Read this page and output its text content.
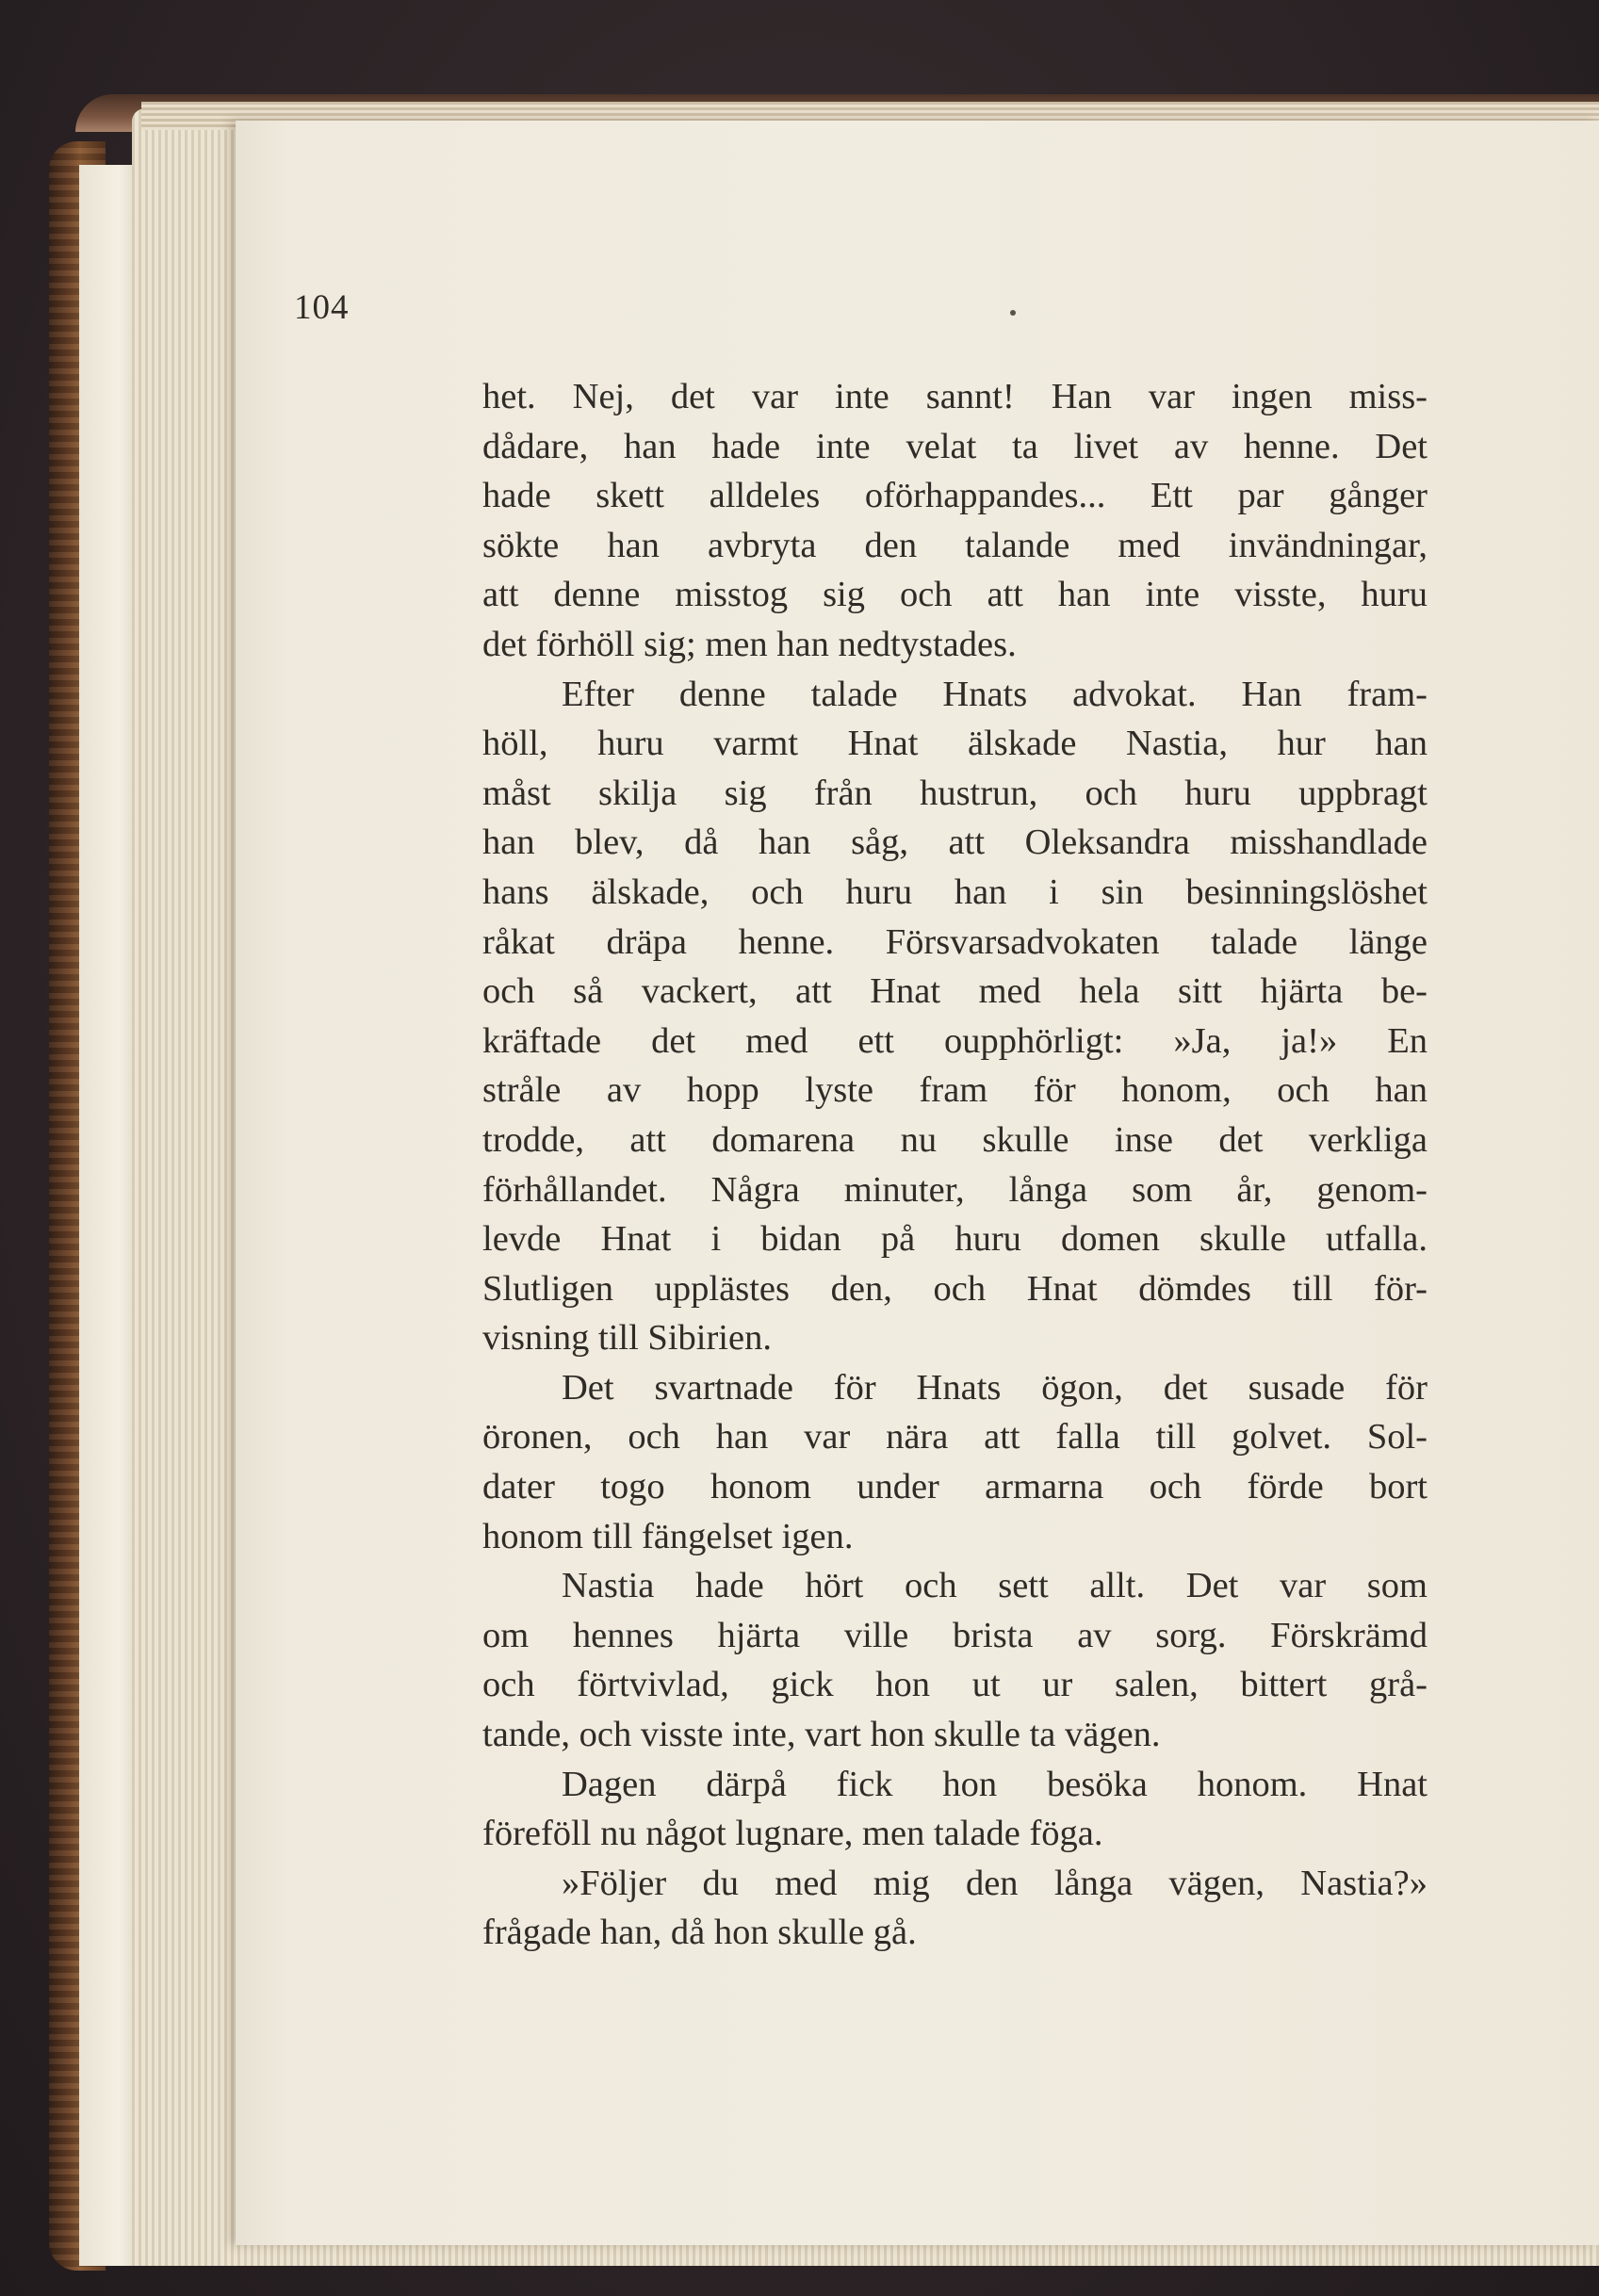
104
het. Nej, det var inte sannt! Han var ingen miss-
dådare, han hade inte velat ta livet av henne. Det
hade skett alldeles oförhappandes... Ett par gånger
sökte han avbryta den talande med invändningar,
att denne misstog sig och att han inte visste, huru
det förhöll sig; men han nedtystades.
Efter denne talade Hnats advokat. Han fram-
höll, huru varmt Hnat älskade Nastia, hur han
måst skilja sig från hustrun, och huru uppbragt
han blev, då han såg, att Oleksandra misshandlade
hans älskade, och huru han i sin besinningslöshet
råkat dräpa henne. Försvarsadvokaten talade länge
och så vackert, att Hnat med hela sitt hjärta be-
kräftade det med ett oupphörligt: »Ja, ja!» En
stråle av hopp lyste fram för honom, och han
trodde, att domarena nu skulle inse det verkliga
förhållandet. Några minuter, långa som år, genom-
levde Hnat i bidan på huru domen skulle utfalla.
Slutligen upplästes den, och Hnat dömdes till för-
visning till Sibirien.
Det svartnade för Hnats ögon, det susade för
öronen, och han var nära att falla till golvet. Sol-
dater togo honom under armarna och förde bort
honom till fängelset igen.
Nastia hade hört och sett allt. Det var som
om hennes hjärta ville brista av sorg. Förskrämd
och förtvivlad, gick hon ut ur salen, bittert grå-
tande, och visste inte, vart hon skulle ta vägen.
Dagen därpå fick hon besöka honom. Hnat
föreföll nu något lugnare, men talade föga.
»Följer du med mig den långa vägen, Nastia?»
frågade han, då hon skulle gå.
